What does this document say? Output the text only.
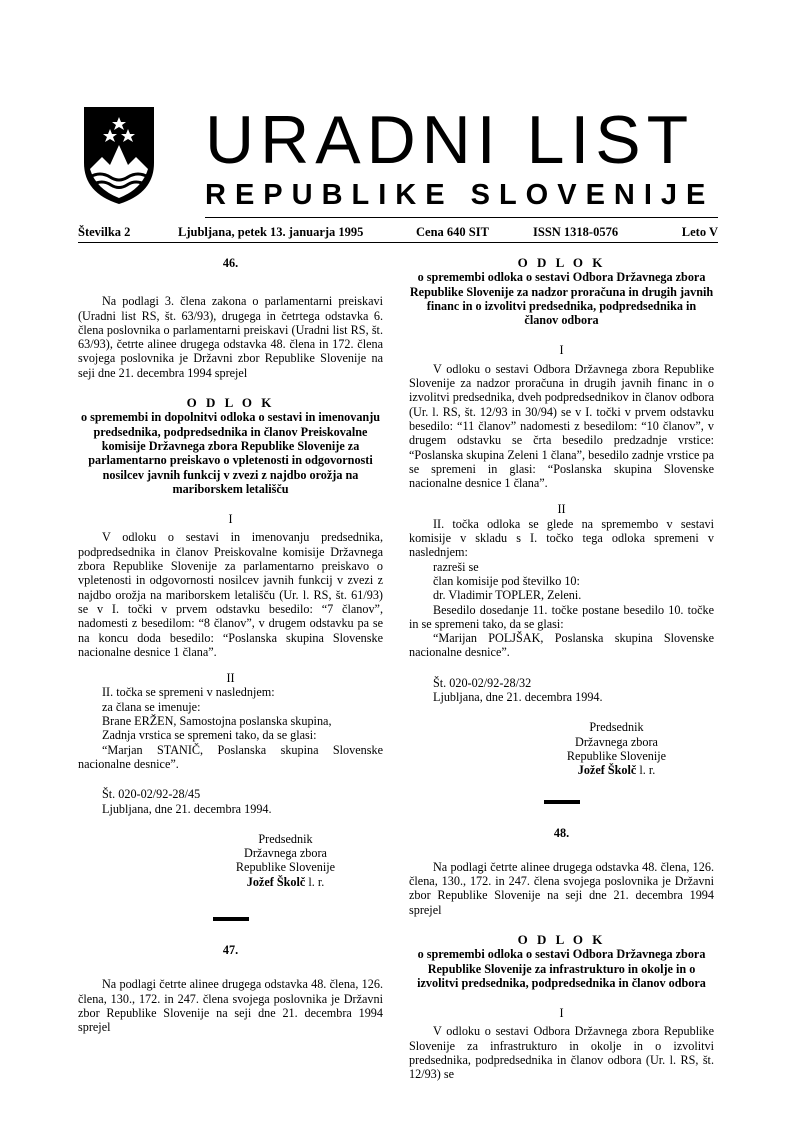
URADNI LIST
REPUBLIKE SLOVENIJE
Številka 2	Ljubljana, petek 13. januarja 1995	Cena 640 SIT	ISSN 1318-0576	Leto V

46.

Na podlagi 3. člena zakona o parlamentarni preiskavi (Uradni list RS, št. 63/93), drugega in četrtega odstavka 6. člena poslovnika o parlamentarni preiskavi (Uradni list RS, št. 63/93), četrte alinee drugega odstavka 48. člena in 172. člena svojega poslovnika je Državni zbor Republike Slovenije na seji dne 21. decembra 1994 sprejel

O D L O K

o spremembi in dopolnitvi odloka o sestavi in imenovanju predsednika, podpredsednika in članov Preiskovalne komisije Državnega zbora Republike Slovenije za parlamentarno preiskavo o vpletenosti in odgovornosti nosilcev javnih funkcij v zvezi z najdbo orožja na mariborskem letališču

I

V odloku o sestavi in imenovanju predsednika, podpredsednika in članov Preiskovalne komisije Državnega zbora Republike Slovenije za parlamentarno preiskavo o vpletenosti in odgovornosti nosilcev javnih funkcij v zvezi z najdbo orožja na mariborskem letališču (Ur. l. RS, št. 61/93) se v I. točki v prvem odstavku besedilo: “7 članov”, nadomesti z besedilom: “8 članov”, v drugem odstavku pa se na koncu doda besedilo: “Poslanska skupina Slovenske nacionalne desnice 1 člana”.

II

II. točka se spremeni v naslednjem:

za člana se imenuje:

Brane ERŽEN, Samostojna poslanska skupina,

Zadnja vrstica se spremeni tako, da se glasi:

“Marjan STANIČ, Poslanska skupina Slovenske nacionalne desnice”.

Št. 020-02/92-28/45

Ljubljana, dne 21. decembra 1994.

Predsednik

Državnega zbora

Republike Slovenije

Jožef Školč l. r.

47.

Na podlagi četrte alinee drugega odstavka 48. člena, 126. člena, 130., 172. in 247. člena svojega poslovnika je Državni zbor Republike Slovenije na seji dne 21. decembra 1994 sprejel

O D L O K

o spremembi odloka o sestavi Odbora Državnega zbora Republike Slovenije za nadzor proračuna in drugih javnih financ in o izvolitvi predsednika, podpredsednika in članov odbora

I

V odloku o sestavi Odbora Državnega zbora Republike Slovenije za nadzor proračuna in drugih javnih financ in o izvolitvi predsednika, dveh podpredsednikov in članov odbora (Ur. l. RS, št. 12/93 in 30/94) se v I. točki v prvem odstavku besedilo: “11 članov” nadomesti z besedilom: “10 članov”, v drugem odstavku se črta besedilo predzadnje vrstice: “Poslanska skupina Zeleni 1 člana”, besedilo zadnje vrstice pa se spremeni in glasi: “Poslanska skupina Slovenske nacionalne desnice 1 člana”.

II

II. točka odloka se glede na spremembo v sestavi komisije v skladu s I. točko tega odloka spremeni v naslednjem:

razreši se

član komisije pod številko 10:

dr. Vladimir TOPLER, Zeleni.

Besedilo dosedanje 11. točke postane besedilo 10. točke in se spremeni tako, da se glasi:

“Marijan POLJŠAK, Poslanska skupina Slovenske nacionalne desnice”.

Št. 020-02/92-28/32

Ljubljana, dne 21. decembra 1994.

Predsednik

Državnega zbora

Republike Slovenije

Jožef Školč l. r.

48.

Na podlagi četrte alinee drugega odstavka 48. člena, 126. člena, 130., 172. in 247. člena svojega poslovnika je Državni zbor Republike Slovenije na seji dne 21. decembra 1994 sprejel

O D L O K

o spremembi odloka o sestavi Odbora Državnega zbora Republike Slovenije za infrastrukturo in okolje in o izvolitvi predsednika, podpredsednika in članov odbora

I

V odloku o sestavi Odbora Državnega zbora Republike Slovenije za infrastrukturo in okolje in o izvolitvi predsednika, podpredsednika in članov odbora (Ur. l. RS, št. 12/93) se
